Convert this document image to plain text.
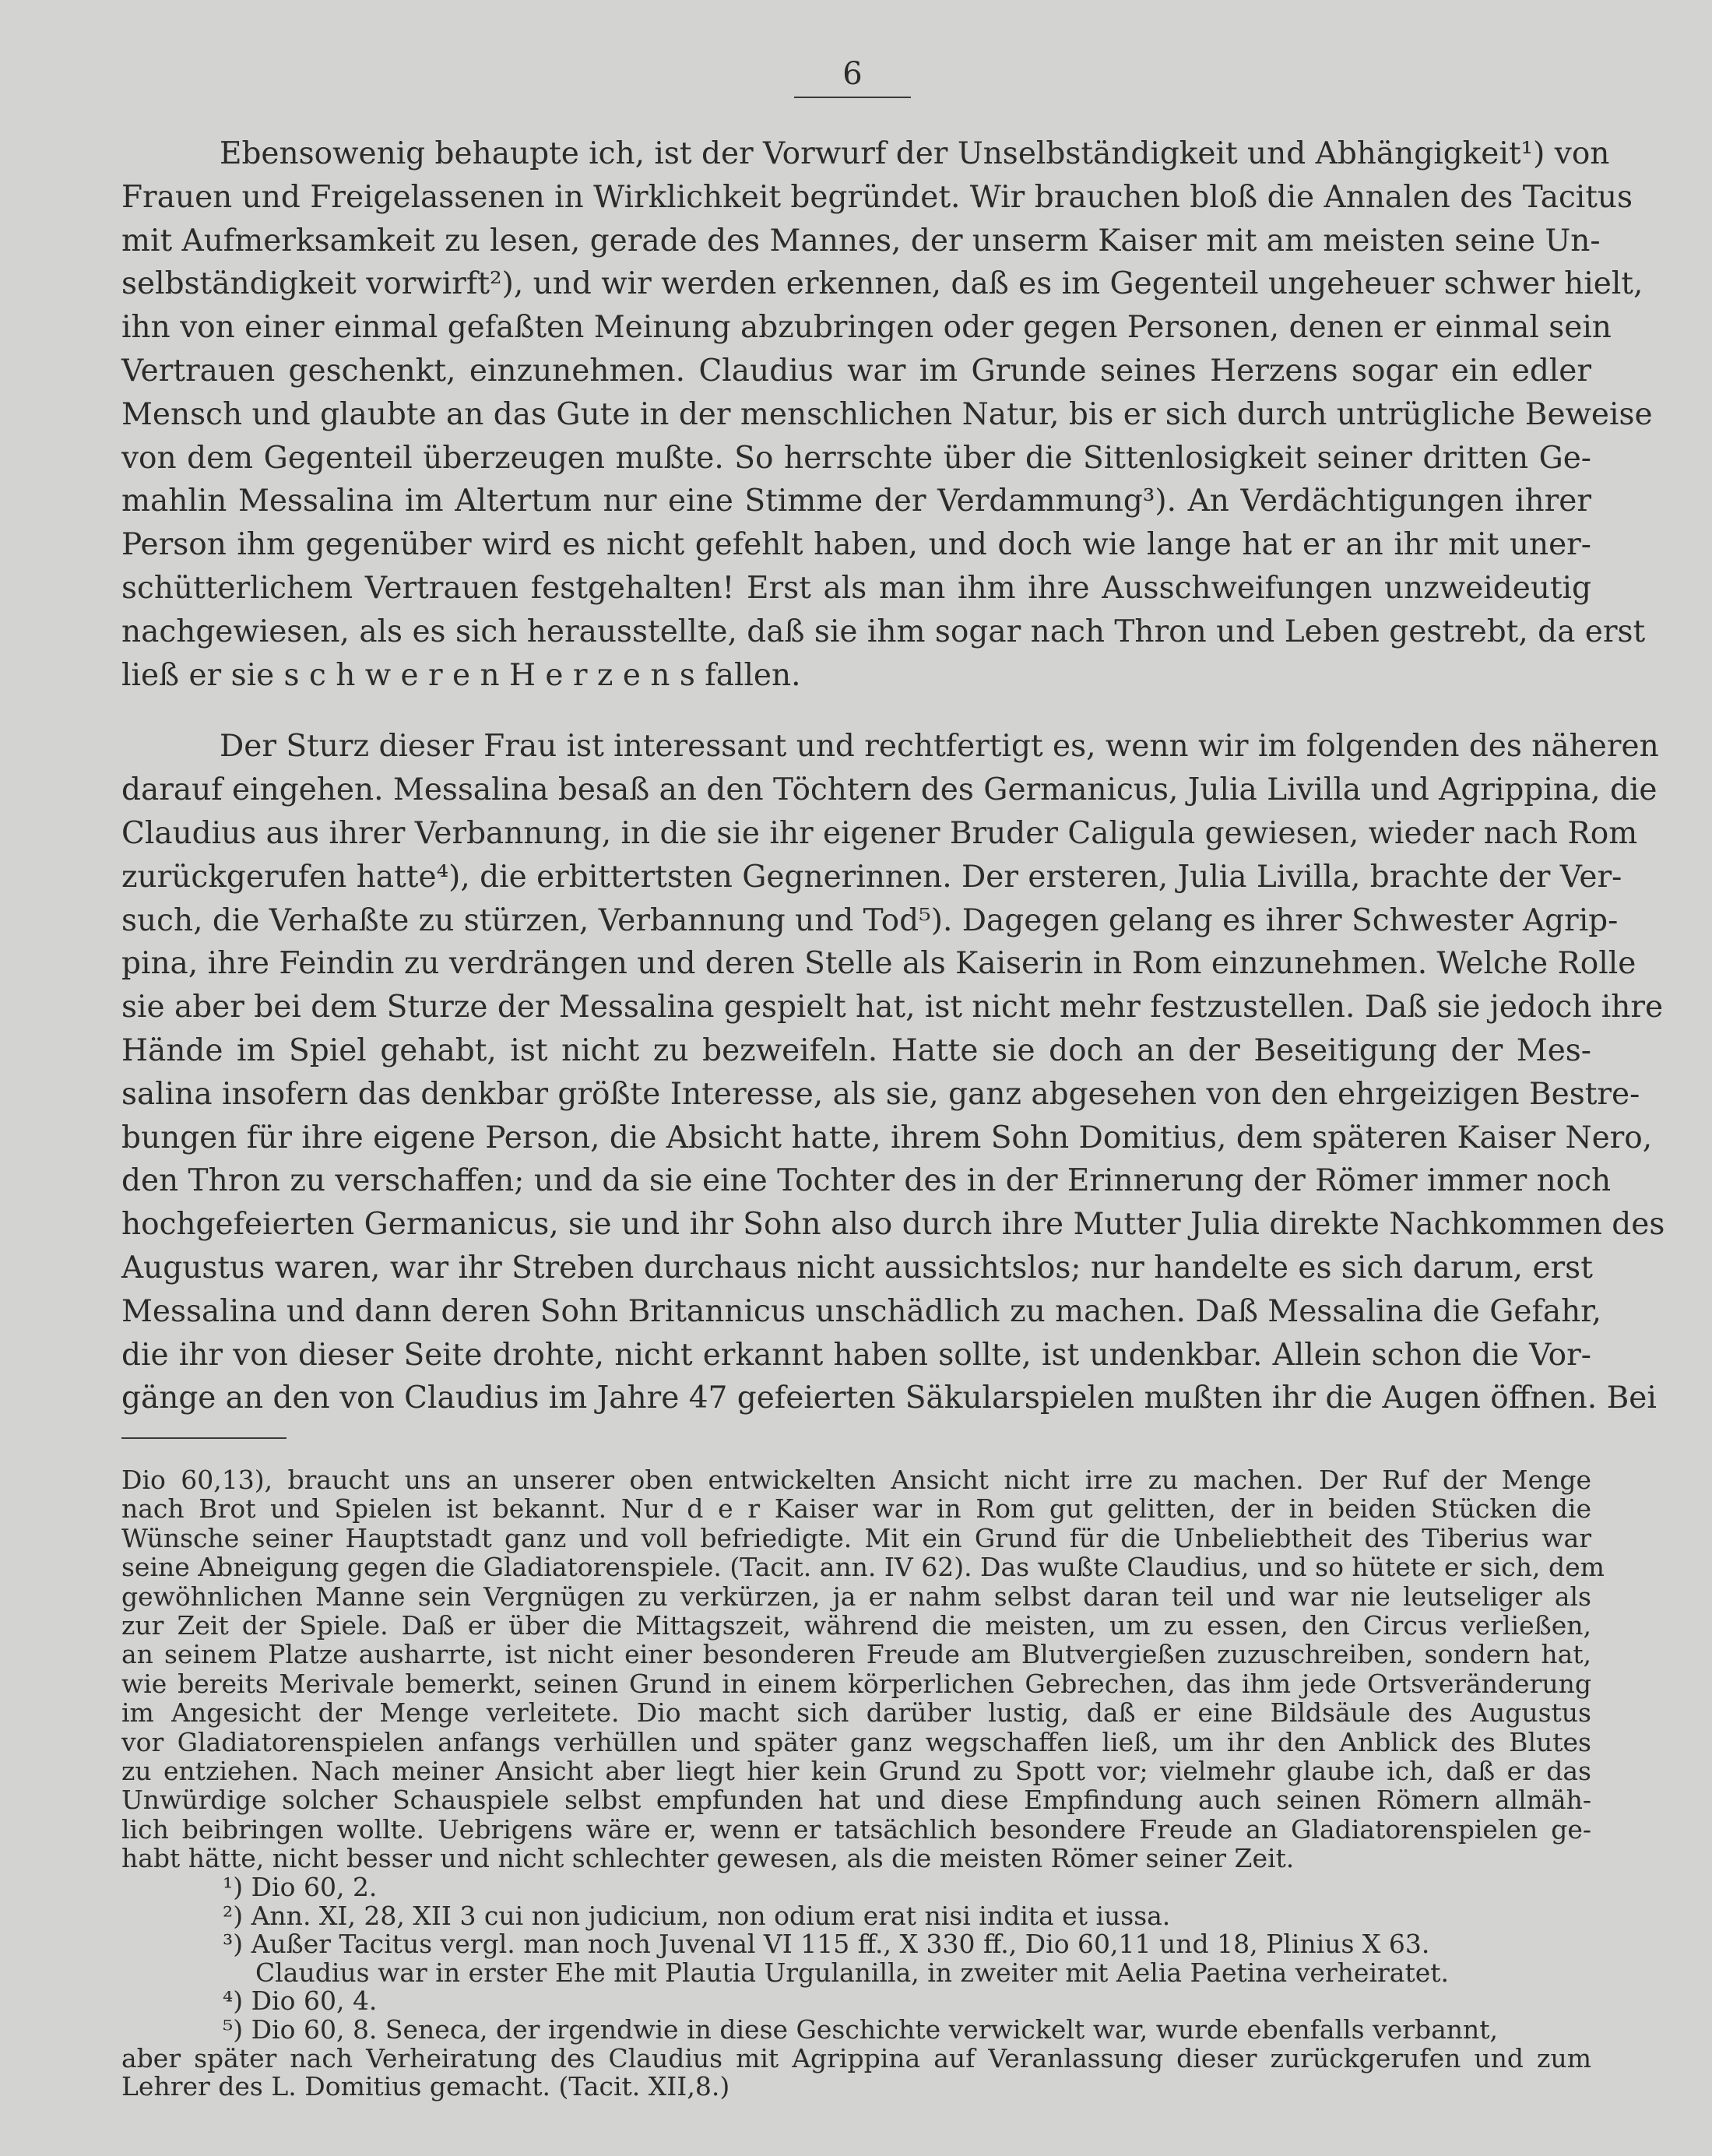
6
Ebensowenig behaupte ich, ist der Vorwurf der Unselbständigkeit und Abhängigkeit¹) von
Frauen und Freigelassenen in Wirklichkeit begründet. Wir brauchen bloß die Annalen des Tacitus
mit Aufmerksamkeit zu lesen, gerade des Mannes, der unserm Kaiser mit am meisten seine Un-
selbständigkeit vorwirft²), und wir werden erkennen, daß es im Gegenteil ungeheuer schwer hielt,
ihn von einer einmal gefaßten Meinung abzubringen oder gegen Personen, denen er einmal sein
Vertrauen geschenkt, einzunehmen. Claudius war im Grunde seines Herzens sogar ein edler
Mensch und glaubte an das Gute in der menschlichen Natur, bis er sich durch untrügliche Beweise
von dem Gegenteil überzeugen mußte. So herrschte über die Sittenlosigkeit seiner dritten Ge-
mahlin Messalina im Altertum nur eine Stimme der Verdammung³). An Verdächtigungen ihrer
Person ihm gegenüber wird es nicht gefehlt haben, und doch wie lange hat er an ihr mit uner-
schütterlichem Vertrauen festgehalten! Erst als man ihm ihre Ausschweifungen unzweideutig
nachgewiesen, als es sich herausstellte, daß sie ihm sogar nach Thron und Leben gestrebt, da erst
ließ er sie s c h w e r e n H e r z e n s fallen.
Der Sturz dieser Frau ist interessant und rechtfertigt es, wenn wir im folgenden des näheren
darauf eingehen. Messalina besaß an den Töchtern des Germanicus, Julia Livilla und Agrippina, die
Claudius aus ihrer Verbannung, in die sie ihr eigener Bruder Caligula gewiesen, wieder nach Rom
zurückgerufen hatte⁴), die erbittertsten Gegnerinnen. Der ersteren, Julia Livilla, brachte der Ver-
such, die Verhaßte zu stürzen, Verbannung und Tod⁵). Dagegen gelang es ihrer Schwester Agrip-
pina, ihre Feindin zu verdrängen und deren Stelle als Kaiserin in Rom einzunehmen. Welche Rolle
sie aber bei dem Sturze der Messalina gespielt hat, ist nicht mehr festzustellen. Daß sie jedoch ihre
Hände im Spiel gehabt, ist nicht zu bezweifeln. Hatte sie doch an der Beseitigung der Mes-
salina insofern das denkbar größte Interesse, als sie, ganz abgesehen von den ehrgeizigen Bestre-
bungen für ihre eigene Person, die Absicht hatte, ihrem Sohn Domitius, dem späteren Kaiser Nero,
den Thron zu verschaffen; und da sie eine Tochter des in der Erinnerung der Römer immer noch
hochgefeierten Germanicus, sie und ihr Sohn also durch ihre Mutter Julia direkte Nachkommen des
Augustus waren, war ihr Streben durchaus nicht aussichtslos; nur handelte es sich darum, erst
Messalina und dann deren Sohn Britannicus unschädlich zu machen. Daß Messalina die Gefahr,
die ihr von dieser Seite drohte, nicht erkannt haben sollte, ist undenkbar. Allein schon die Vor-
gänge an den von Claudius im Jahre 47 gefeierten Säkularspielen mußten ihr die Augen öffnen. Bei
Dio 60,13), braucht uns an unserer oben entwickelten Ansicht nicht irre zu machen. Der Ruf der Menge
nach Brot und Spielen ist bekannt. Nur d e r Kaiser war in Rom gut gelitten, der in beiden Stücken die
Wünsche seiner Hauptstadt ganz und voll befriedigte. Mit ein Grund für die Unbeliebtheit des Tiberius war
seine Abneigung gegen die Gladiatorenspiele. (Tacit. ann. IV 62). Das wußte Claudius, und so hütete er sich, dem
gewöhnlichen Manne sein Vergnügen zu verkürzen, ja er nahm selbst daran teil und war nie leutseliger als
zur Zeit der Spiele. Daß er über die Mittagszeit, während die meisten, um zu essen, den Circus verließen,
an seinem Platze ausharrte, ist nicht einer besonderen Freude am Blutvergießen zuzuschreiben, sondern hat,
wie bereits Merivale bemerkt, seinen Grund in einem körperlichen Gebrechen, das ihm jede Ortsveränderung
im Angesicht der Menge verleitete. Dio macht sich darüber lustig, daß er eine Bildsäule des Augustus
vor Gladiatorenspielen anfangs verhüllen und später ganz wegschaffen ließ, um ihr den Anblick des Blutes
zu entziehen. Nach meiner Ansicht aber liegt hier kein Grund zu Spott vor; vielmehr glaube ich, daß er das
Unwürdige solcher Schauspiele selbst empfunden hat und diese Empfindung auch seinen Römern allmäh-
lich beibringen wollte. Uebrigens wäre er, wenn er tatsächlich besondere Freude an Gladiatorenspielen ge-
habt hätte, nicht besser und nicht schlechter gewesen, als die meisten Römer seiner Zeit.
¹) Dio 60, 2.
²) Ann. XI, 28, XII 3 cui non judicium, non odium erat nisi indita et iussa.
³) Außer Tacitus vergl. man noch Juvenal VI 115 ff., X 330 ff., Dio 60,11 und 18, Plinius X 63.
Claudius war in erster Ehe mit Plautia Urgulanilla, in zweiter mit Aelia Paetina verheiratet.
⁴) Dio 60, 4.
⁵) Dio 60, 8. Seneca, der irgendwie in diese Geschichte verwickelt war, wurde ebenfalls verbannt,
aber später nach Verheiratung des Claudius mit Agrippina auf Veranlassung dieser zurückgerufen und zum
Lehrer des L. Domitius gemacht. (Tacit. XII,8.)
